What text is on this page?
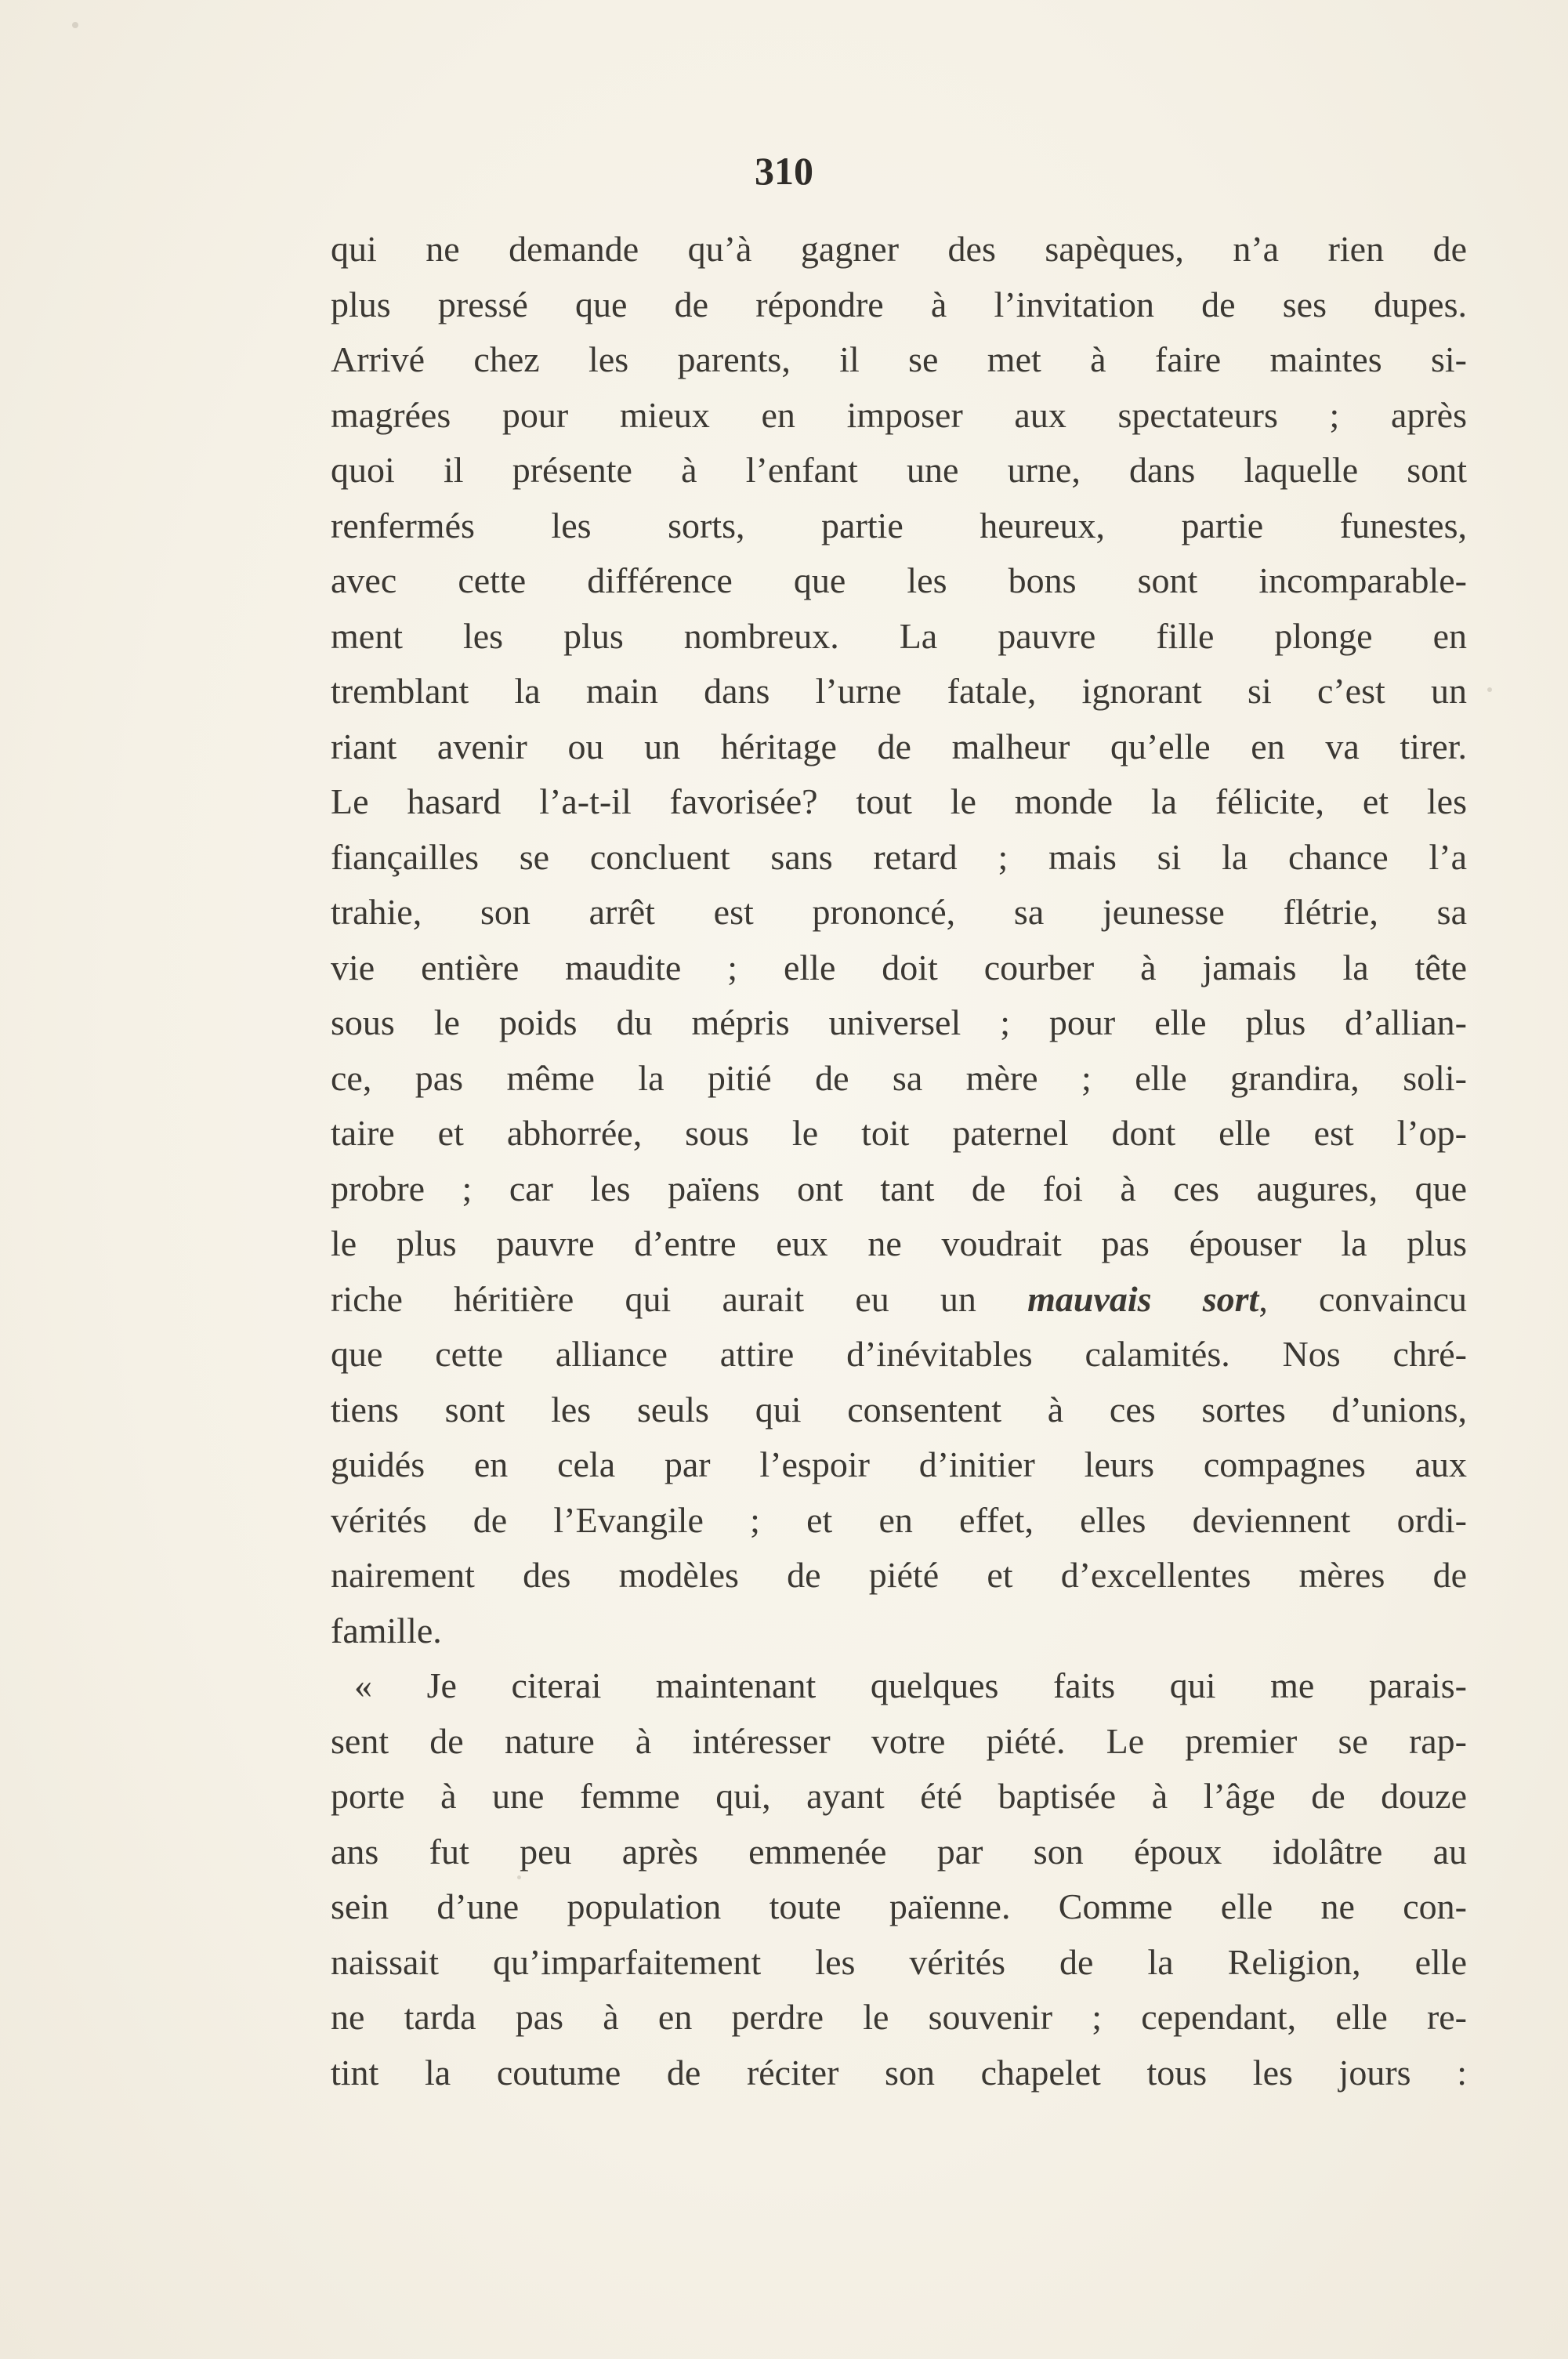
310
qui ne demande qu’à gagner des sapèques, n’a rien de
plus pressé que de répondre à l’invitation de ses dupes.
Arrivé chez les parents, il se met à faire maintes si-
magrées pour mieux en imposer aux spectateurs ; après
quoi il présente à l’enfant une urne, dans laquelle sont
renfermés les sorts, partie heureux, partie funestes,
avec cette différence que les bons sont incomparable-
ment les plus nombreux. La pauvre fille plonge en
tremblant la main dans l’urne fatale, ignorant si c’est un
riant avenir ou un héritage de malheur qu’elle en va tirer.
Le hasard l’a-t-il favorisée? tout le monde la félicite, et les
fiançailles se concluent sans retard ; mais si la chance l’a
trahie, son arrêt est prononcé, sa jeunesse flétrie, sa
vie entière maudite ; elle doit courber à jamais la tête
sous le poids du mépris universel ; pour elle plus d’allian-
ce, pas même la pitié de sa mère ; elle grandira, soli-
taire et abhorrée, sous le toit paternel dont elle est l’op-
probre ; car les païens ont tant de foi à ces augures, que
le plus pauvre d’entre eux ne voudrait pas épouser la plus
riche héritière qui aurait eu un mauvais sort, convaincu
que cette alliance attire d’inévitables calamités. Nos chré-
tiens sont les seuls qui consentent à ces sortes d’unions,
guidés en cela par l’espoir d’initier leurs compagnes aux
vérités de l’Evangile ; et en effet, elles deviennent ordi-
nairement des modèles de piété et d’excellentes mères de
famille.
« Je citerai maintenant quelques faits qui me parais-
sent de nature à intéresser votre piété. Le premier se rap-
porte à une femme qui, ayant été baptisée à l’âge de douze
ans fut peu après emmenée par son époux idolâtre au
sein d’une population toute païenne. Comme elle ne con-
naissait qu’imparfaitement les vérités de la Religion, elle
ne tarda pas à en perdre le souvenir ; cependant, elle re-
tint la coutume de réciter son chapelet tous les jours :
